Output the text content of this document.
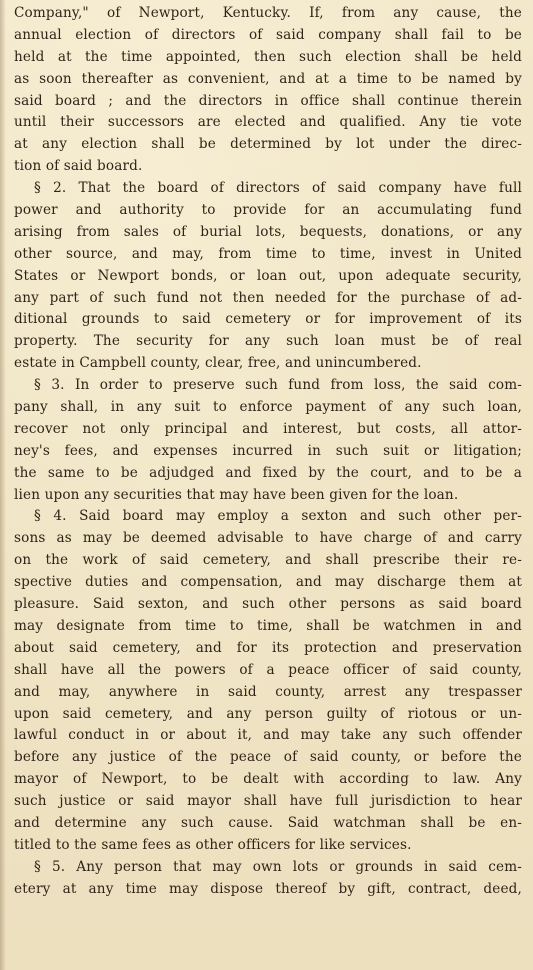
Company," of Newport, Kentucky. If, from any cause, the
annual election of directors of said company shall fail to be
held at the time appointed, then such election shall be held
as soon thereafter as convenient, and at a time to be named by
said board ; and the directors in office shall continue therein
until their successors are elected and qualified. Any tie vote
at any election shall be determined by lot under the direc-
tion of said board.
§ 2. That the board of directors of said company have full
power and authority to provide for an accumulating fund
arising from sales of burial lots, bequests, donations, or any
other source, and may, from time to time, invest in United
States or Newport bonds, or loan out, upon adequate security,
any part of such fund not then needed for the purchase of ad-
ditional grounds to said cemetery or for improvement of its
property. The security for any such loan must be of real
estate in Campbell county, clear, free, and unincumbered.
§ 3. In order to preserve such fund from loss, the said com-
pany shall, in any suit to enforce payment of any such loan,
recover not only principal and interest, but costs, all attor-
ney's fees, and expenses incurred in such suit or litigation;
the same to be adjudged and fixed by the court, and to be a
lien upon any securities that may have been given for the loan.
§ 4. Said board may employ a sexton and such other per-
sons as may be deemed advisable to have charge of and carry
on the work of said cemetery, and shall prescribe their re-
spective duties and compensation, and may discharge them at
pleasure. Said sexton, and such other persons as said board
may designate from time to time, shall be watchmen in and
about said cemetery, and for its protection and preservation
shall have all the powers of a peace officer of said county,
and may, anywhere in said county, arrest any trespasser
upon said cemetery, and any person guilty of riotous or un-
lawful conduct in or about it, and may take any such offender
before any justice of the peace of said county, or before the
mayor of Newport, to be dealt with according to law. Any
such justice or said mayor shall have full jurisdiction to hear
and determine any such cause. Said watchman shall be en-
titled to the same fees as other officers for like services.
§ 5. Any person that may own lots or grounds in said cem-
etery at any time may dispose thereof by gift, contract, deed,
